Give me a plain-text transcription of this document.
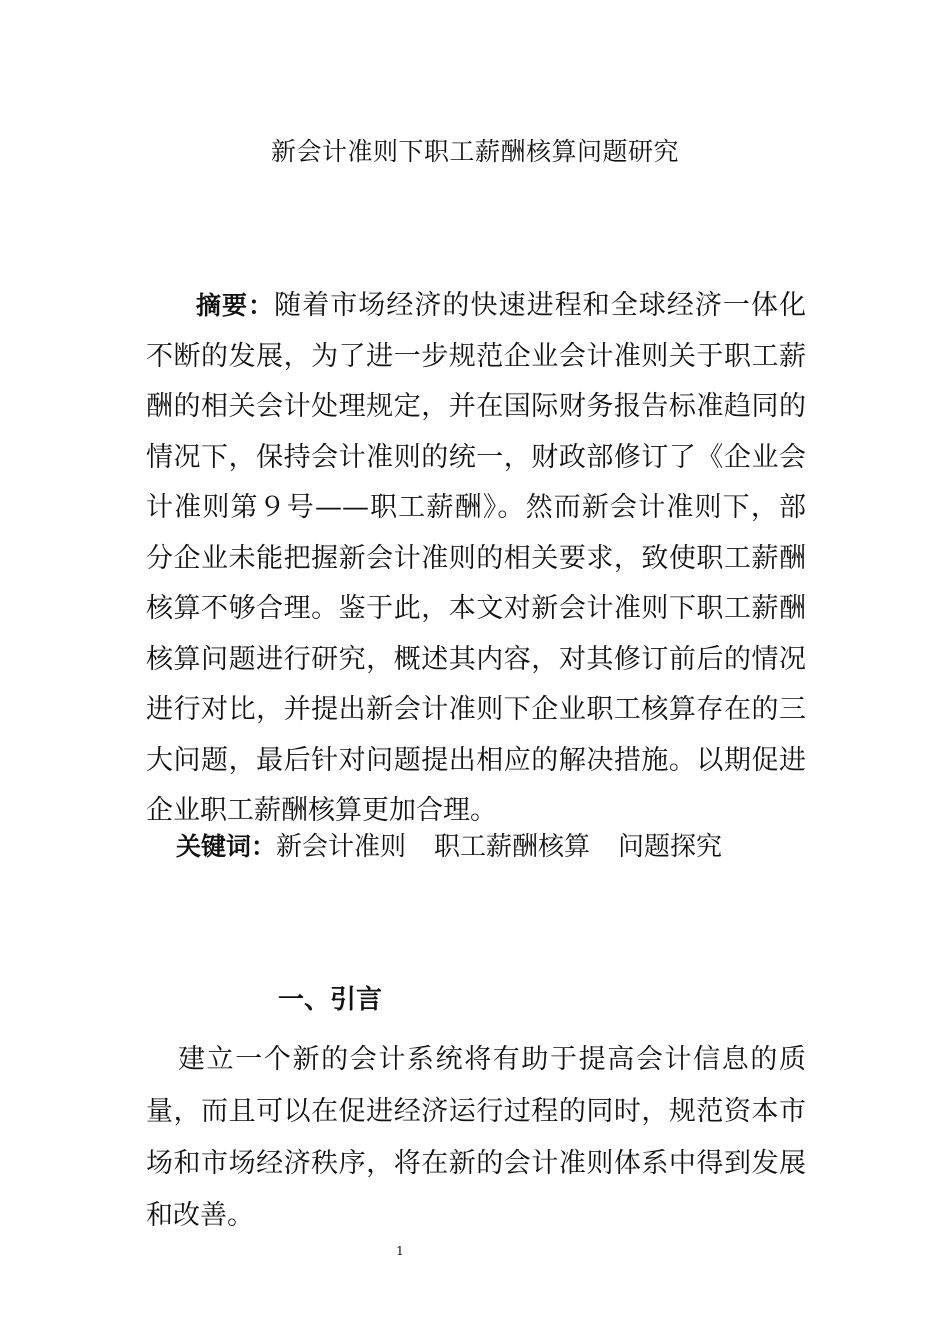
新会计准则下职工薪酬核算问题研究
摘要：随着市场经济的快速进程和全球经济一体化不断的发展，为了进一步规范企业会计准则关于职工薪酬的相关会计处理规定，并在国际财务报告标准趋同的情况下，保持会计准则的统一，财政部修订了《企业会计准则第９号——职工薪酬》。然而新会计准则下，部分企业未能把握新会计准则的相关要求，致使职工薪酬核算不够合理。鉴于此，本文对新会计准则下职工薪酬核算问题进行研究，概述其内容，对其修订前后的情况进行对比，并提出新会计准则下企业职工核算存在的三大问题，最后针对问题提出相应的解决措施。以期促进企业职工薪酬核算更加合理。
关键词：新会计准则 职工薪酬核算 问题探究
一、引言
建立一个新的会计系统将有助于提高会计信息的质量，而且可以在促进经济运行过程的同时，规范资本市场和市场经济秩序，将在新的会计准则体系中得到发展和改善。
1
